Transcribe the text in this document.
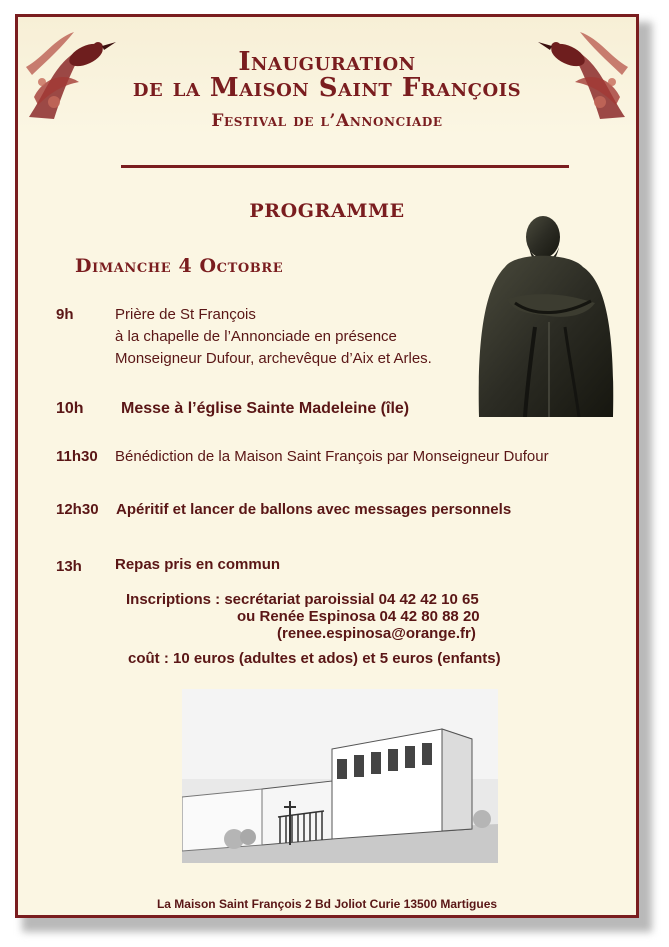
Inauguration
de la Maison Saint François
Festival de l’Annonciade
PROGRAMME
Dimanche 4 Octobre
9h	Prière de St François
à la chapelle de l’Annonciade en présence
Monseigneur Dufour, archevêque d’Aix et Arles.
10h Messe à l’église Sainte Madeleine (île)
11h30 Bénédiction de la Maison Saint François par Monseigneur Dufour
12h30 Apéritif et lancer de ballons avec messages personnels
13h Repas pris en commun
Inscriptions : secrétariat paroissial 04 42 42 10 65
ou Renée Espinosa 04 42 80 88 20
(renee.espinosa@orange.fr)
coût : 10 euros (adultes et ados) et 5 euros (enfants)
La Maison Saint François 2 Bd Joliot Curie 13500 Martigues
